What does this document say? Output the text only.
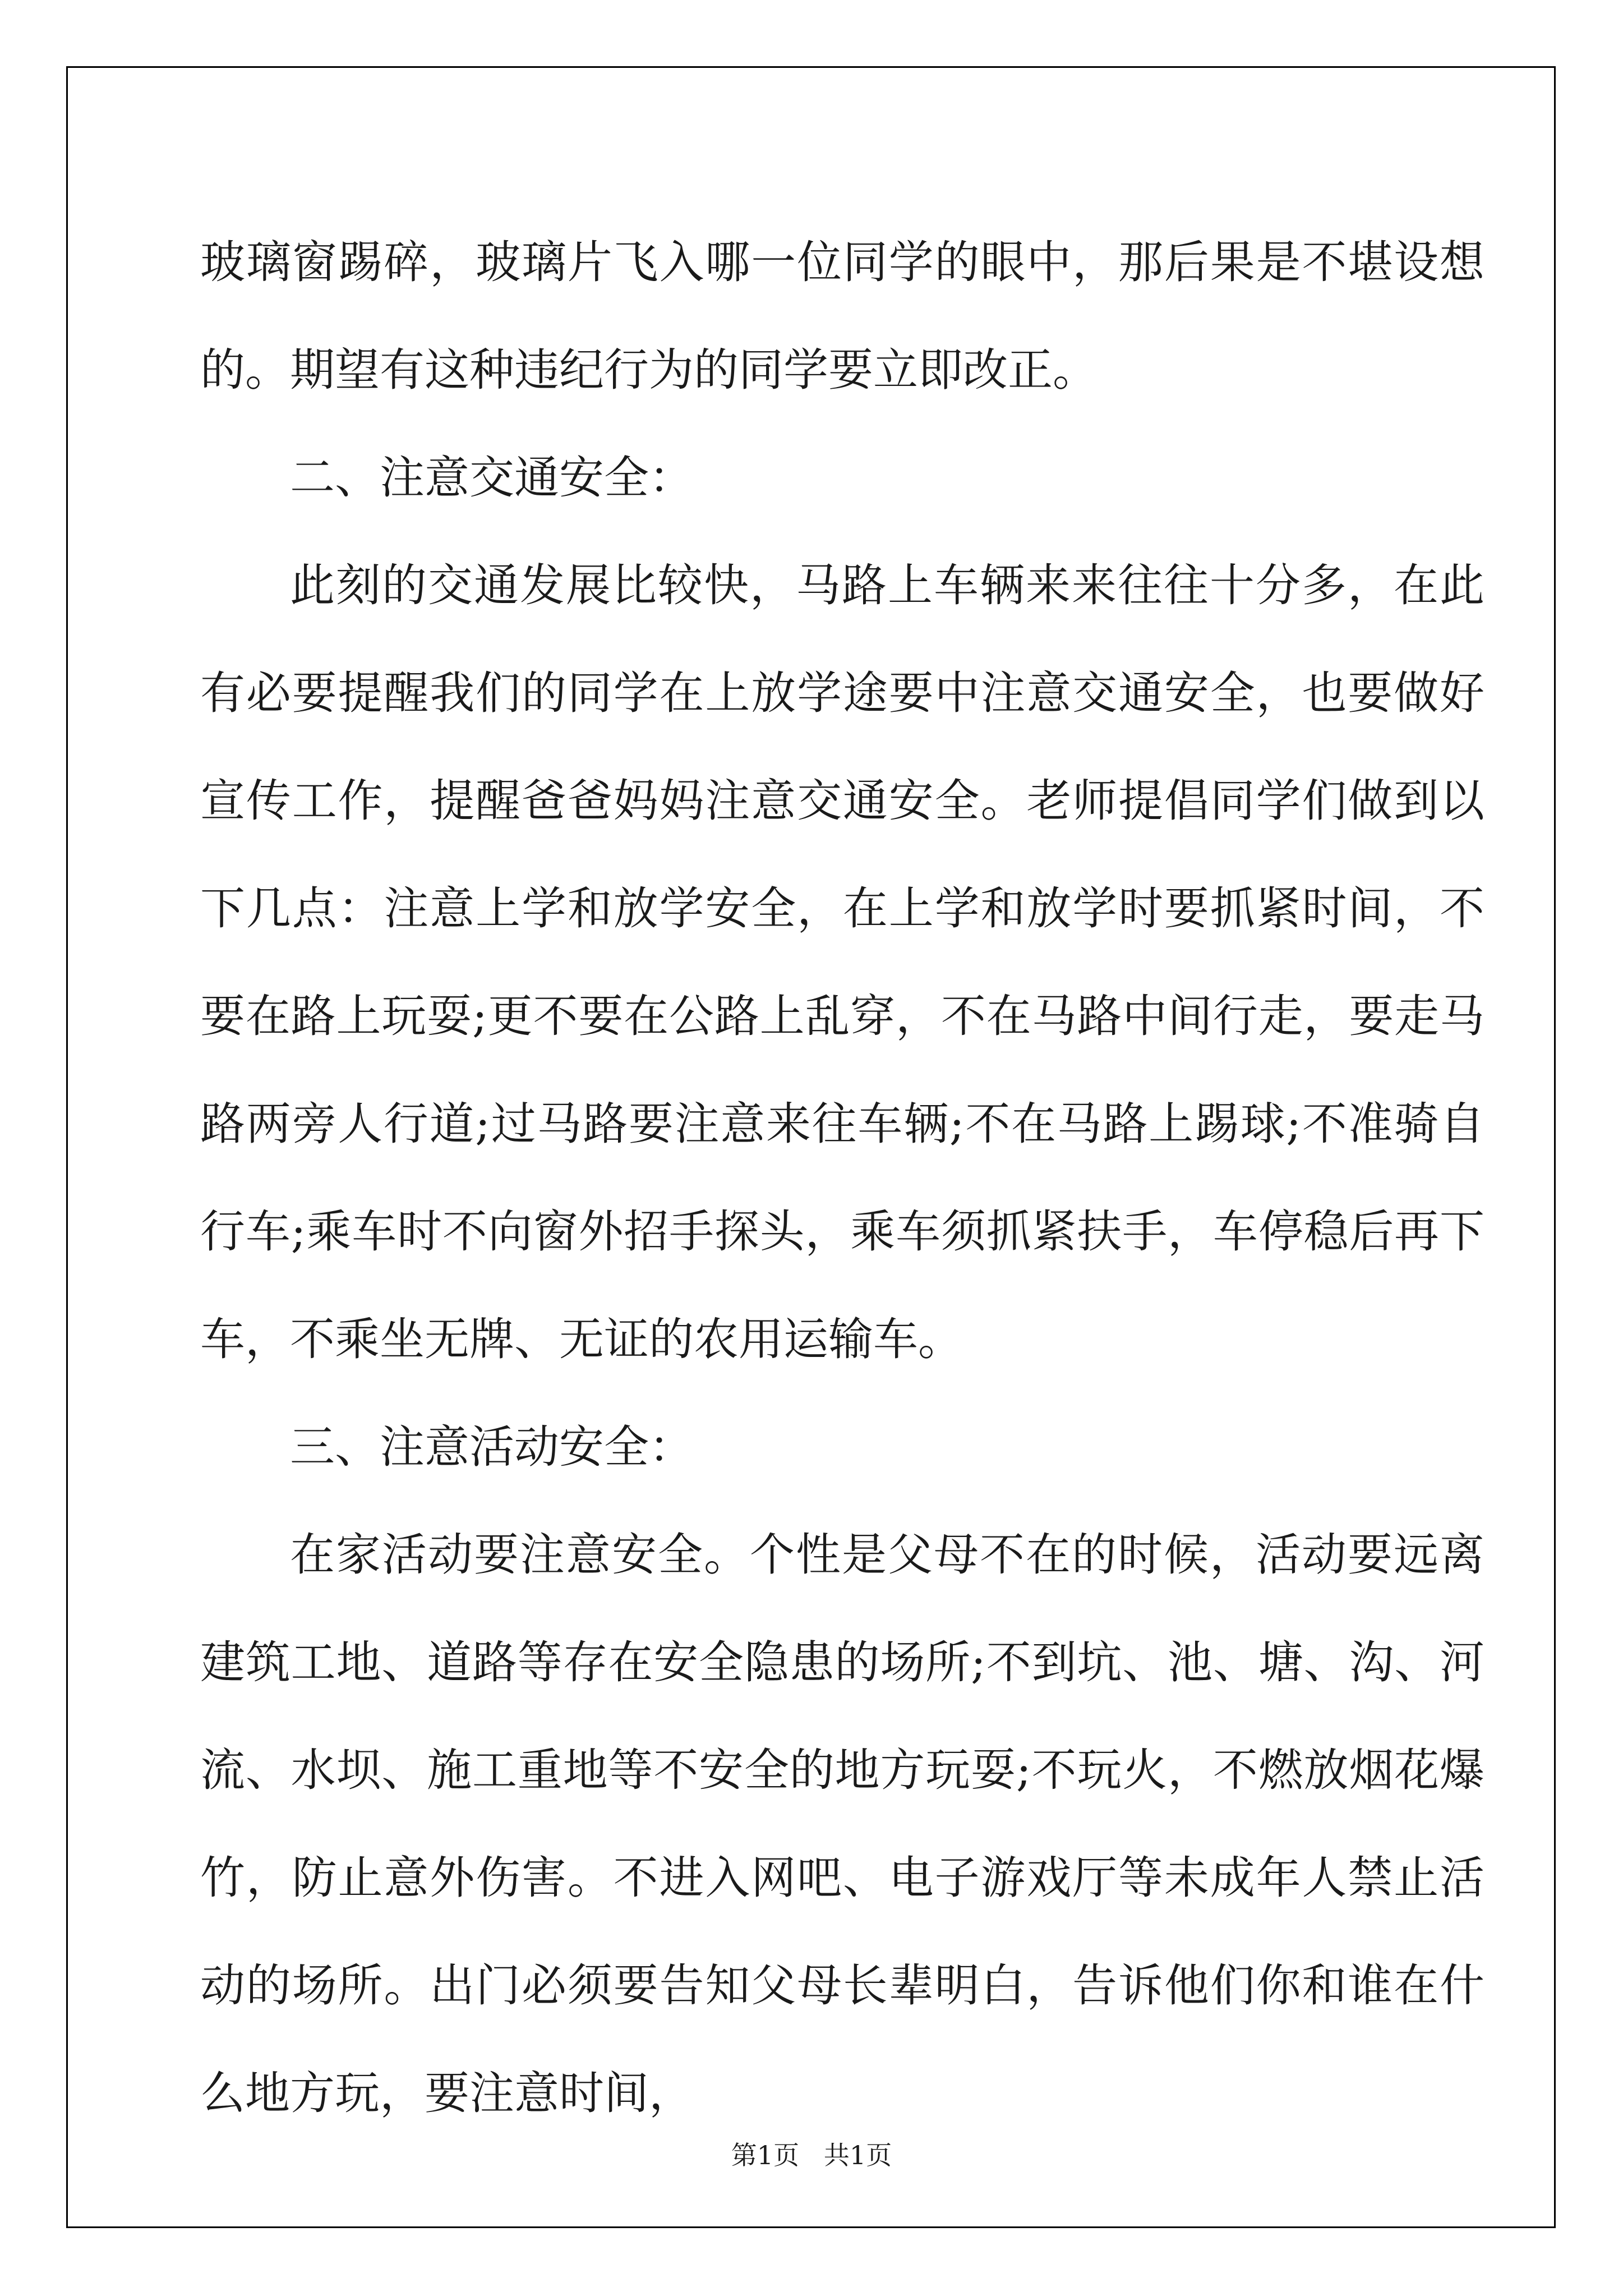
玻璃窗踢碎，玻璃片飞入哪一位同学的眼中，那后果是不堪设想的。期望有这种违纪行为的同学要立即改正。

二、注意交通安全：

此刻的交通发展比较快，马路上车辆来来往往十分多，在此有必要提醒我们的同学在上放学途要中注意交通安全，也要做好宣传工作，提醒爸爸妈妈注意交通安全。老师提倡同学们做到以下几点：注意上学和放学安全，在上学和放学时要抓紧时间，不要在路上玩耍;更不要在公路上乱穿，不在马路中间行走，要走马路两旁人行道;过马路要注意来往车辆;不在马路上踢球;不准骑自行车;乘车时不向窗外招手探头，乘车须抓紧扶手，车停稳后再下车，不乘坐无牌、无证的农用运输车。

三、注意活动安全：

在家活动要注意安全。个性是父母不在的时候，活动要远离建筑工地、道路等存在安全隐患的场所;不到坑、池、塘、沟、河流、水坝、施工重地等不安全的地方玩耍;不玩火，不燃放烟花爆竹，防止意外伤害。不进入网吧、电子游戏厅等未成年人禁止活动的场所。出门必须要告知父母长辈明白，告诉他们你和谁在什么地方玩，要注意时间，

第1页   共1页
